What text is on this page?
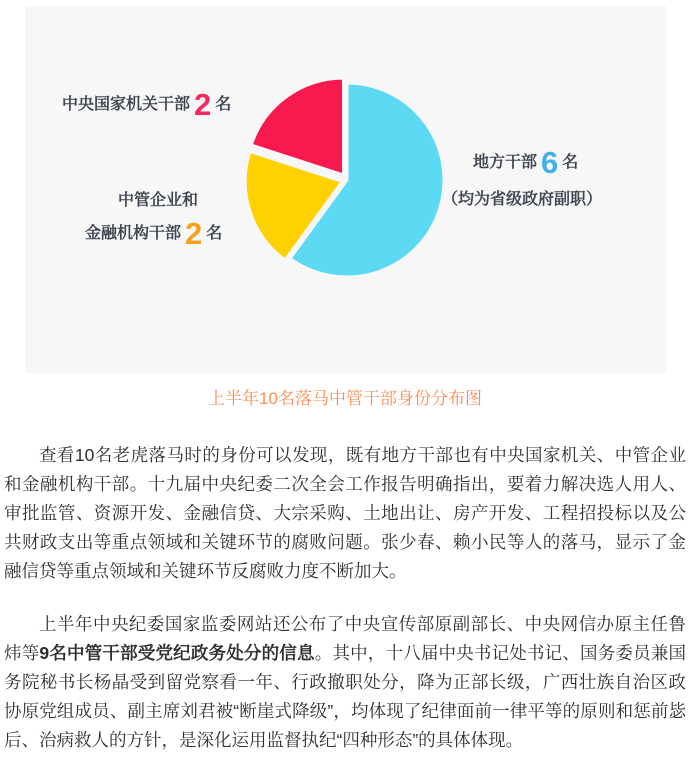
中央国家机关干部 2 名
中管企业和
金融机构干部 2 名
地方干部 6 名
（均为省级政府副职）
上半年10名落马中管干部身份分布图

查看10名老虎落马时的身份可以发现，既有地方干部也有中央国家机关、中管企业和金融机构干部。十九届中央纪委二次全会工作报告明确指出，要着力解决选人用人、审批监管、资源开发、金融信贷、大宗采购、土地出让、房产开发、工程招投标以及公共财政支出等重点领域和关键环节的腐败问题。张少春、赖小民等人的落马，显示了金融信贷等重点领域和关键环节反腐败力度不断加大。

上半年中央纪委国家监委网站还公布了中央宣传部原副部长、中央网信办原主任鲁炜等9名中管干部受党纪政务处分的信息。其中，十八届中央书记处书记、国务委员兼国务院秘书长杨晶受到留党察看一年、行政撤职处分，降为正部长级，广西壮族自治区政协原党组成员、副主席刘君被“断崖式降级”，均体现了纪律面前一律平等的原则和惩前毖后、治病救人的方针，是深化运用监督执纪“四种形态”的具体体现。
